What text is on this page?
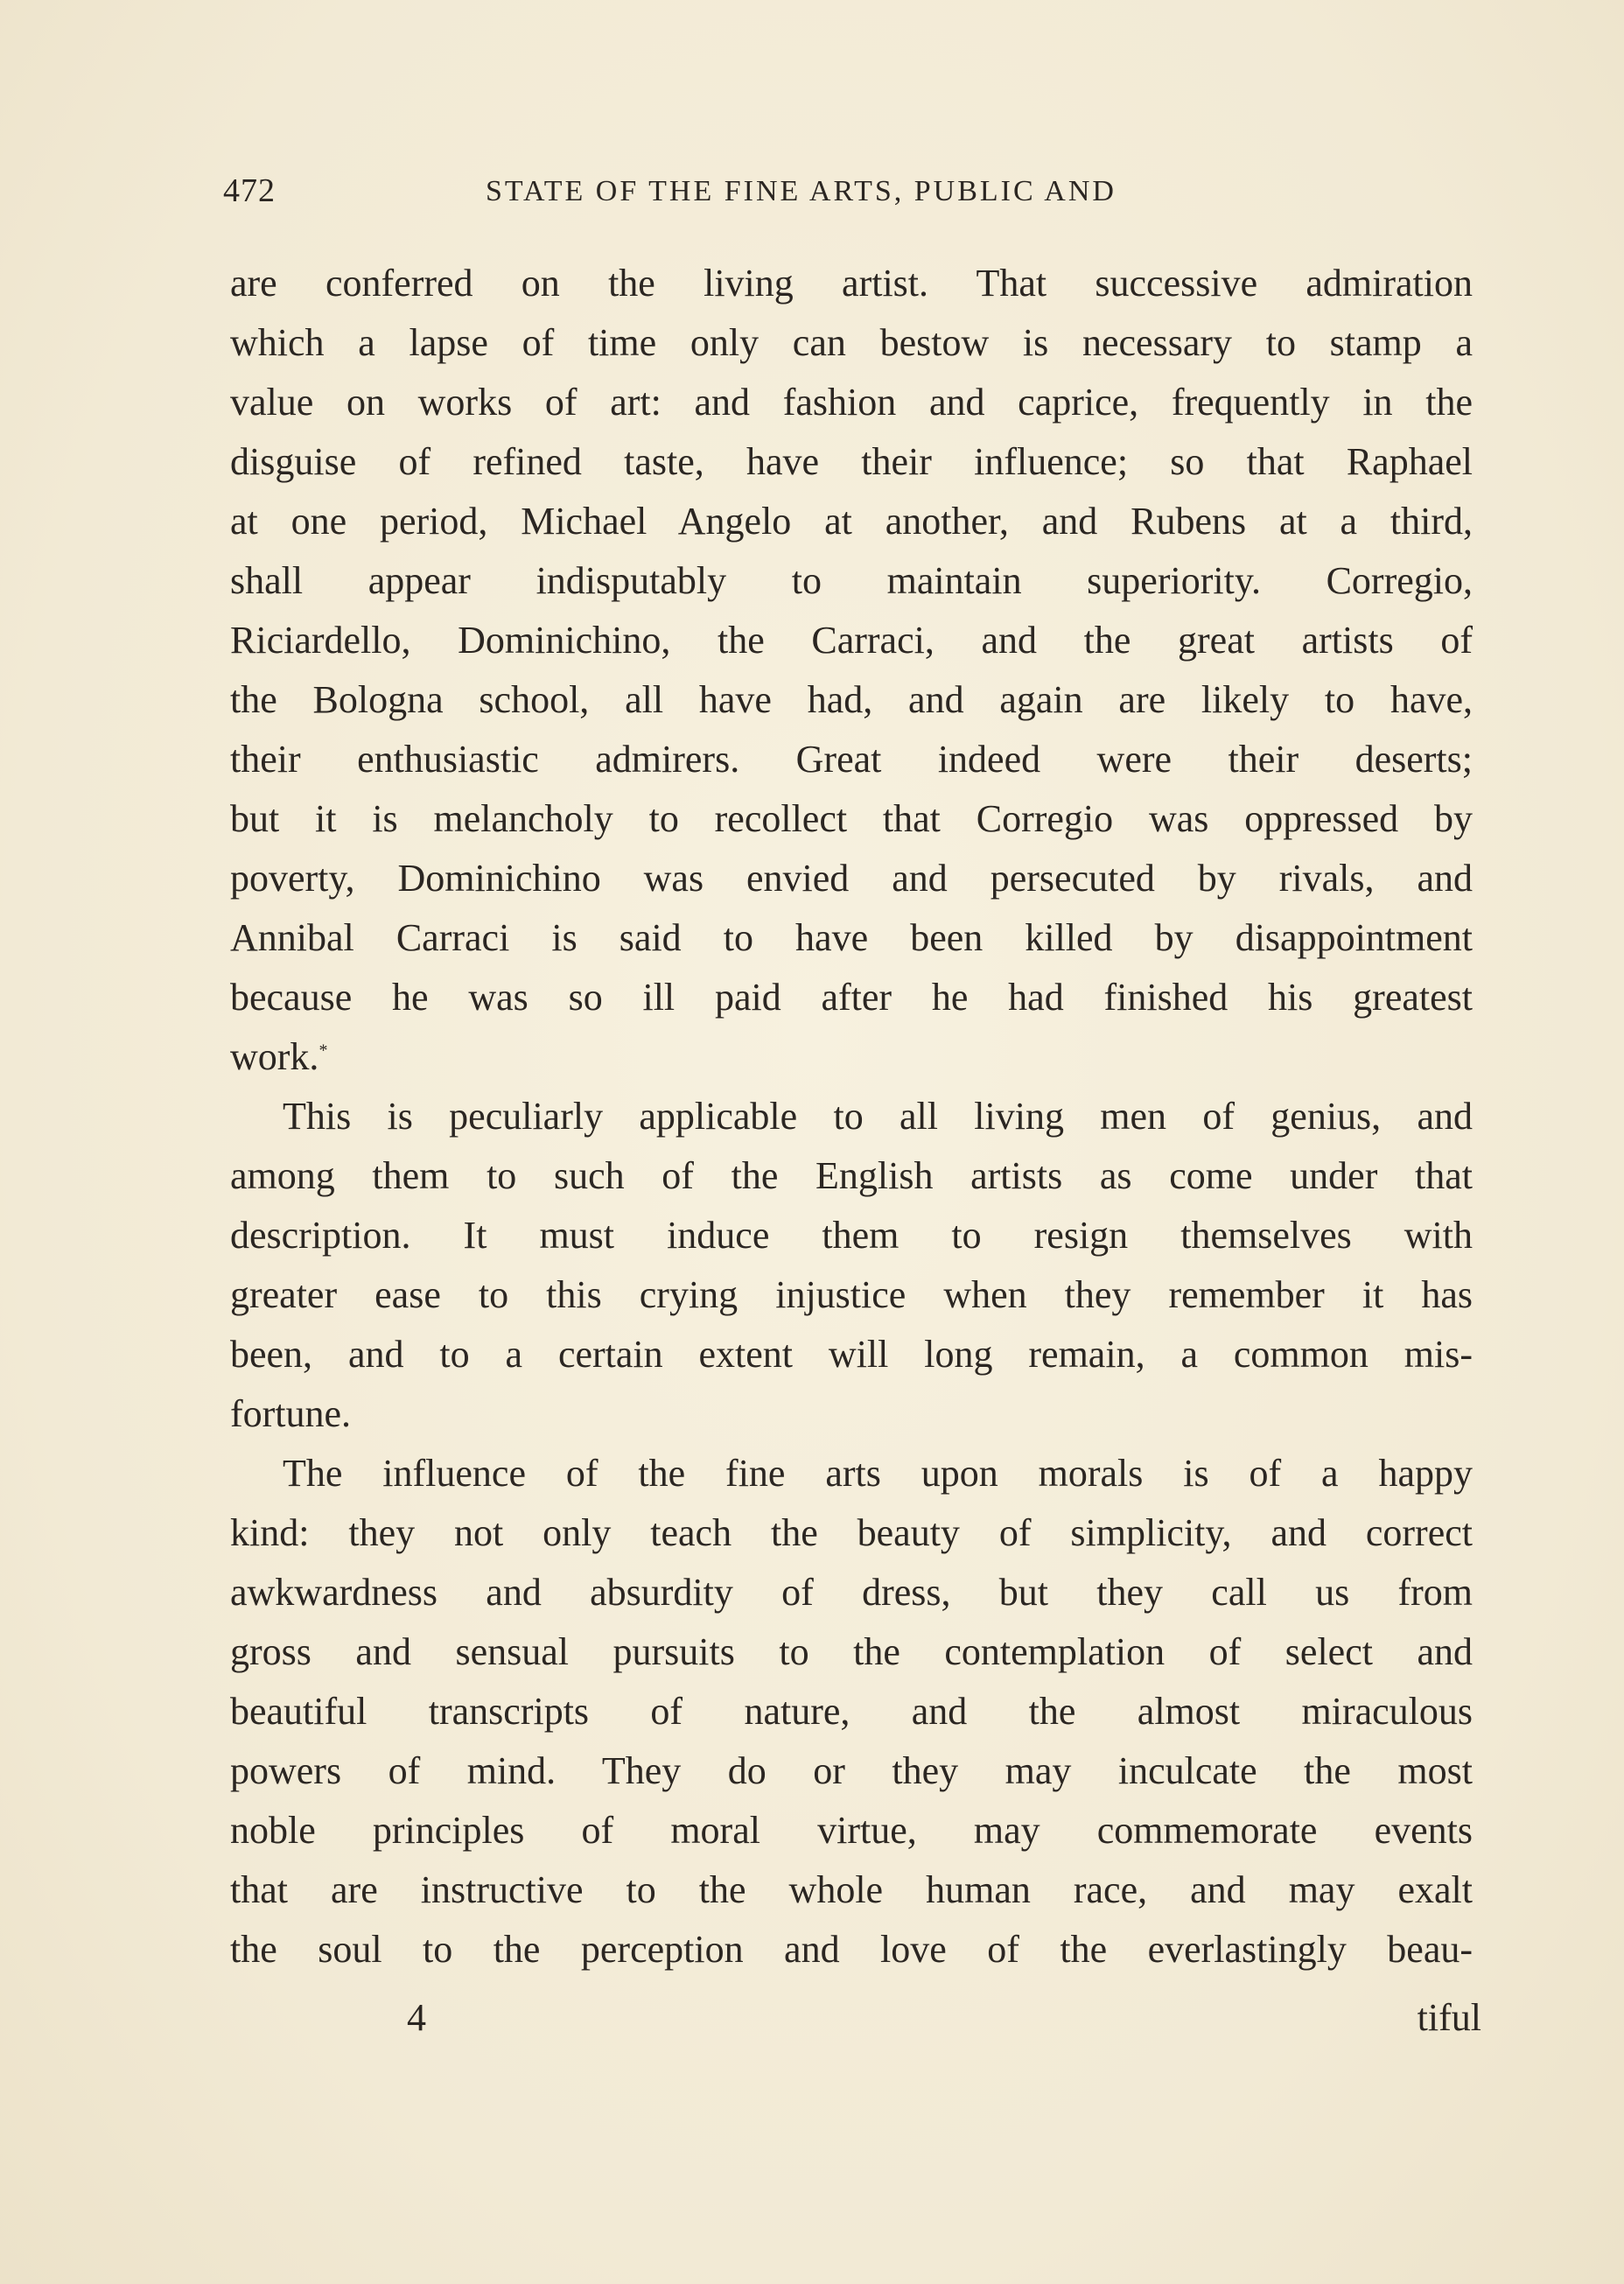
472	STATE OF THE FINE ARTS, PUBLIC AND
are conferred on the living artist. That successive admiration
which a lapse of time only can bestow is necessary to stamp a
value on works of art: and fashion and caprice, frequently in the
disguise of refined taste, have their influence; so that Raphael
at one period, Michael Angelo at another, and Rubens at a third,
shall appear indisputably to maintain superiority. Corregio,
Riciardello, Dominichino, the Carraci, and the great artists of
the Bologna school, all have had, and again are likely to have,
their enthusiastic admirers. Great indeed were their deserts;
but it is melancholy to recollect that Corregio was oppressed by
poverty, Dominichino was envied and persecuted by rivals, and
Annibal Carraci is said to have been killed by disappointment
because he was so ill paid after he had finished his greatest
work.*
This is peculiarly applicable to all living men of genius, and
among them to such of the English artists as come under that
description. It must induce them to resign themselves with
greater ease to this crying injustice when they remember it has
been, and to a certain extent will long remain, a common mis-
fortune.
The influence of the fine arts upon morals is of a happy
kind: they not only teach the beauty of simplicity, and correct
awkwardness and absurdity of dress, but they call us from
gross and sensual pursuits to the contemplation of select and
beautiful transcripts of nature, and the almost miraculous
powers of mind. They do or they may inculcate the most
noble principles of moral virtue, may commemorate events
that are instructive to the whole human race, and may exalt
the soul to the perception and love of the everlastingly beau-
4	tiful
